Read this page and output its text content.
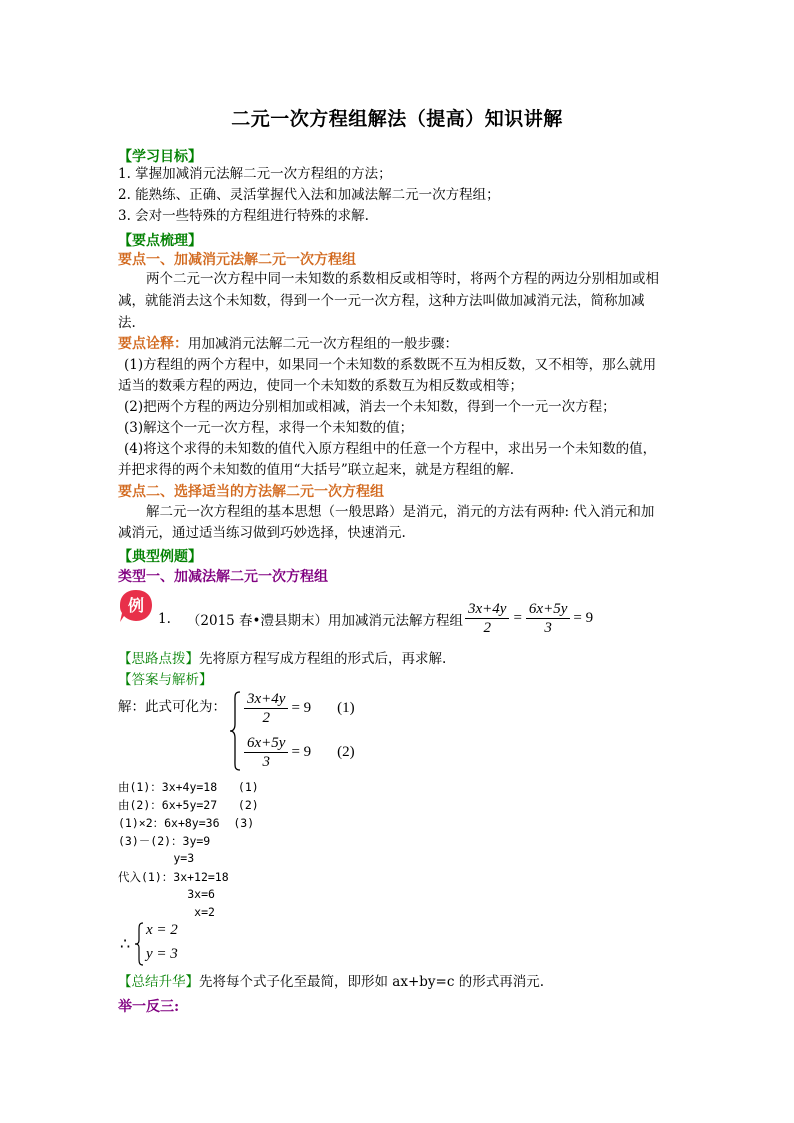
二元一次方程组解法（提高）知识讲解
【学习目标】
1. 掌握加减消元法解二元一次方程组的方法；
2. 能熟练、正确、灵活掌握代入法和加减法解二元一次方程组；
3. 会对一些特殊的方程组进行特殊的求解.
【要点梳理】
要点一、加减消元法解二元一次方程组
两个二元一次方程中同一未知数的系数相反或相等时，将两个方程的两边分别相加或相
减，就能消去这个未知数，得到一个一元一次方程，这种方法叫做加减消元法，简称加减
法.
要点诠释：用加减消元法解二元一次方程组的一般步骤：
(1)方程组的两个方程中，如果同一个未知数的系数既不互为相反数，又不相等，那么就用
适当的数乘方程的两边，使同一个未知数的系数互为相反数或相等；
(2)把两个方程的两边分别相加或相减，消去一个未知数，得到一个一元一次方程；
(3)解这个一元一次方程，求得一个未知数的值；
(4)将这个求得的未知数的值代入原方程组中的任意一个方程中，求出另一个未知数的值，
并把求得的两个未知数的值用“大括号”联立起来，就是方程组的解.
要点二、选择适当的方法解二元一次方程组
解二元一次方程组的基本思想（一般思路）是消元，消元的方法有两种: 代入消元和加
减消元，通过适当练习做到巧妙选择，快速消元.
【典型例题】
类型一、加减法解二元一次方程组
例
1. （2015 春•澧县期末）用加减消元法解方程组 $\frac{3x+4y}{2} = \frac{6x+5y}{3} = 9$
【思路点拨】先将原方程写成方程组的形式后，再求解.
【答案与解析】
解：此式可化为： $\frac{3x+4y}{2} = 9$ (1)
$\frac{6x+5y}{3} = 9$ (2)
由(1)：3x+4y=18   (1)
由(2)：6x+5y=27   (2)
(1)×2：6x+8y=36  (3)
(3)－(2)：3y=9
y=3
代入(1)：3x+12=18
3x=6
x=2
∴
x = 2
y = 3
【总结升华】先将每个式子化至最简，即形如 ax+by=c 的形式再消元.
举一反三:
